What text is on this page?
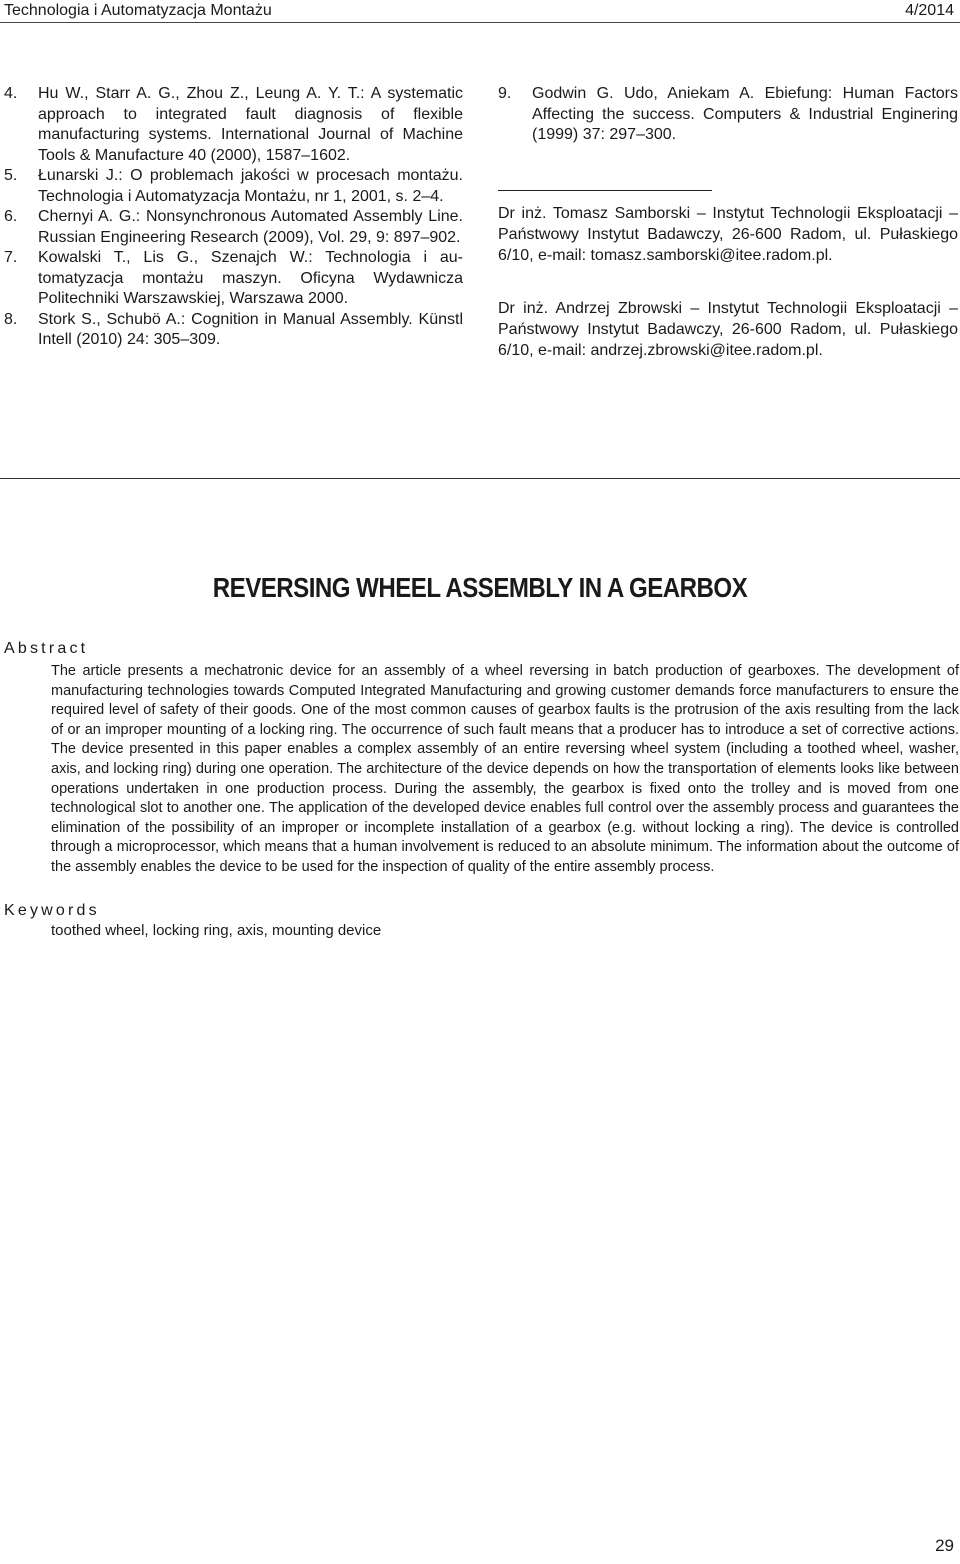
Technologia i Automatyzacja Montażu	4/2014
4. Hu W., Starr A. G., Zhou Z., Leung A. Y. T.: A systematic approach to integrated fault diagnosis of flexible manufacturing systems. International Journal of Machine Tools & Manufacture 40 (2000), 1587–1602.
5. Łunarski J.: O problemach jakości w procesach montażu. Technologia i Automatyzacja Montażu, nr 1, 2001, s. 2–4.
6. Chernyi A. G.: Nonsynchronous Automated Assembly Line. Russian Engineering Research (2009), Vol. 29, 9: 897–902.
7. Kowalski T., Lis G., Szenajch W.: Technologia i automatyzacja montażu maszyn. Oficyna Wydawnicza Politechniki Warszawskiej, Warszawa 2000.
8. Stork S., Schubö A.: Cognition in Manual Assembly. Künstl Intell (2010) 24: 305–309.
9. Godwin G. Udo, Aniekam A. Ebiefung: Human Factors Affecting the success. Computers & Industrial Enginering (1999) 37: 297–300.
Dr inż. Tomasz Samborski – Instytut Technologii Eksploatacji – Państwowy Instytut Badawczy, 26-600 Radom, ul. Pułaskiego 6/10, e-mail: tomasz.samborski@itee.radom.pl.
Dr inż. Andrzej Zbrowski – Instytut Technologii Eksploatacji – Państwowy Instytut Badawczy, 26-600 Radom, ul. Pułaskiego 6/10, e-mail: andrzej.zbrowski@itee.radom.pl.
REVERSING WHEEL ASSEMBLY IN A GEARBOX
Abstract
The article presents a mechatronic device for an assembly of a wheel reversing in batch production of gearboxes. The development of manufacturing technologies towards Computed Integrated Manufacturing and growing customer demands force manufacturers to ensure the required level of safety of their goods. One of the most common causes of gearbox faults is the protrusion of the axis resulting from the lack of or an improper mounting of a locking ring. The occurrence of such fault means that a producer has to introduce a set of corrective actions. The device presented in this paper enables a complex assembly of an entire reversing wheel system (including a toothed wheel, washer, axis, and locking ring) during one operation. The architecture of the device depends on how the transportation of elements looks like between operations undertaken in one production process. During the assembly, the gearbox is fixed onto the trolley and is moved from one technological slot to another one. The application of the developed device enables full control over the assembly process and guarantees the elimination of the possibility of an improper or incomplete installation of a gearbox (e.g. without locking a ring). The device is controlled through a microprocessor, which means that a human involvement is reduced to an absolute minimum. The information about the outcome of the assembly enables the device to be used for the inspection of quality of the entire assembly process.
Keywords
toothed wheel, locking ring, axis, mounting device
29
